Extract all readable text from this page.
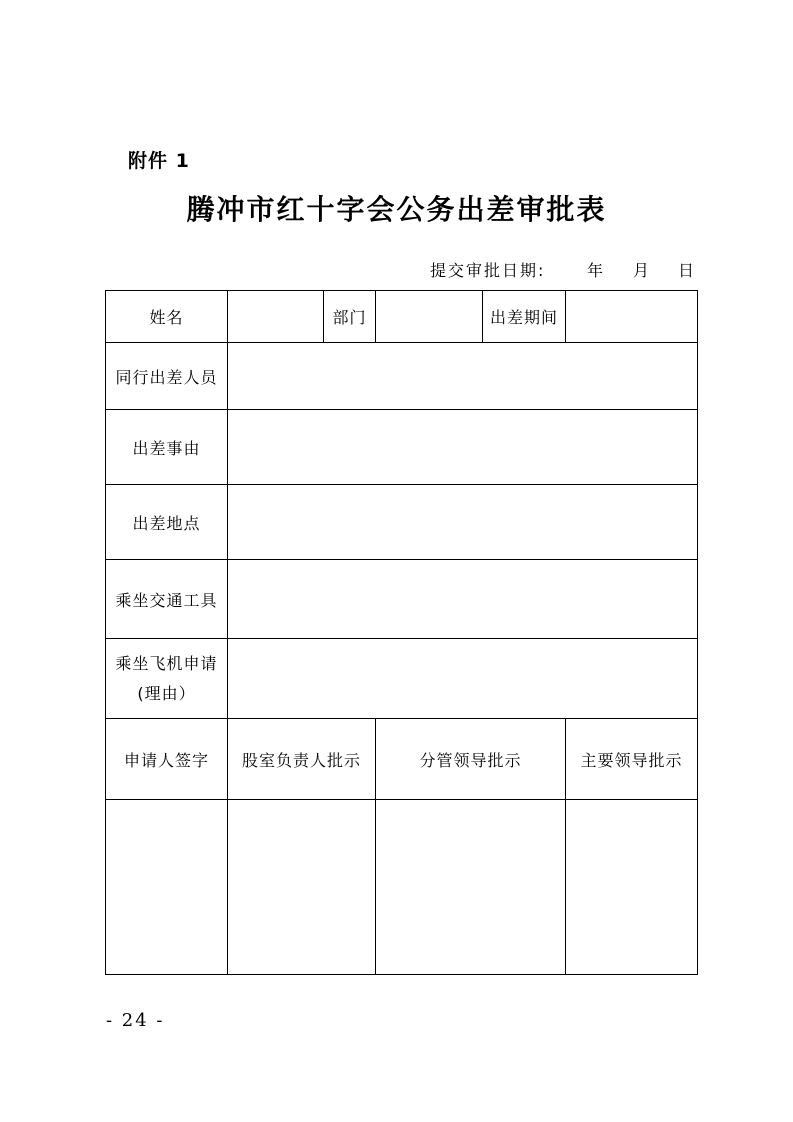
附件 1
腾冲市红十字会公务出差审批表
提交审批日期:	年 月 日
姓名		部门		出差期间	
同行出差人员					
出差事由					
出差地点					
乘坐交通工具					

乘坐飞机申请
(理由）					

申请人签字	股室负责人批示		分管领导批示		主要领导批示

- 24 -
